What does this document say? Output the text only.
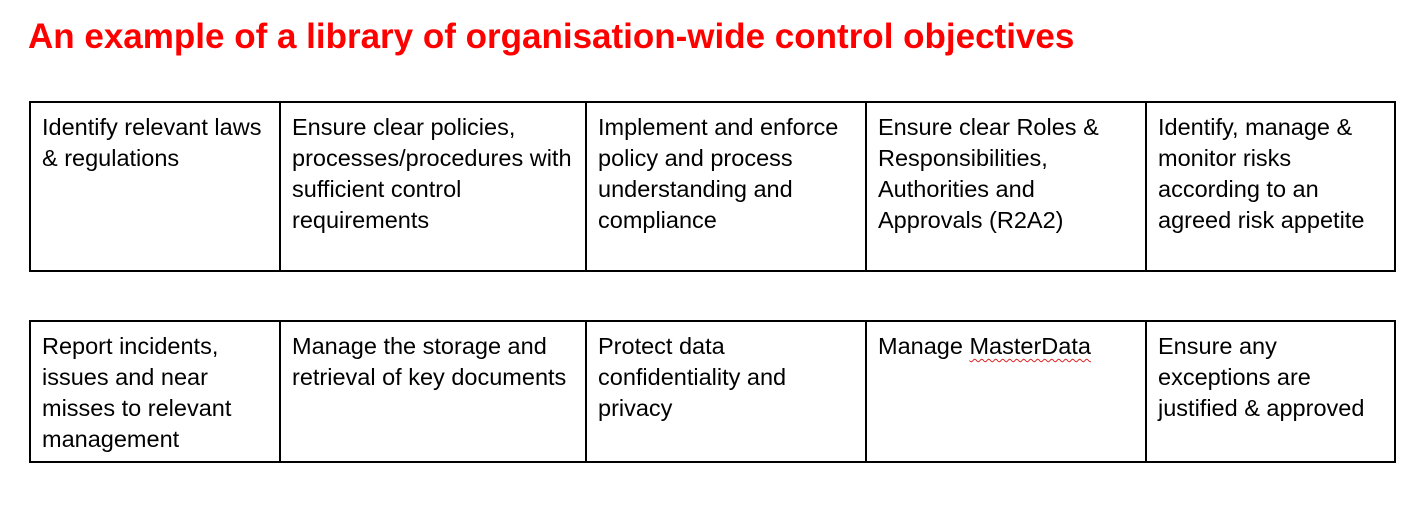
An example of a library of organisation-wide control objectives
Identify relevant laws & regulations	Ensure clear policies, processes/procedures with sufficient control requirements	Implement and enforce policy and process understanding and compliance	Ensure clear Roles & Responsibilities, Authorities and Approvals (R2A2)	Identify, manage & monitor risks according to an agreed risk appetite
Report incidents, issues and near misses to relevant management	Manage the storage and retrieval of key documents	Protect data confidentiality and privacy	Manage MasterData	Ensure any exceptions are justified & approved
